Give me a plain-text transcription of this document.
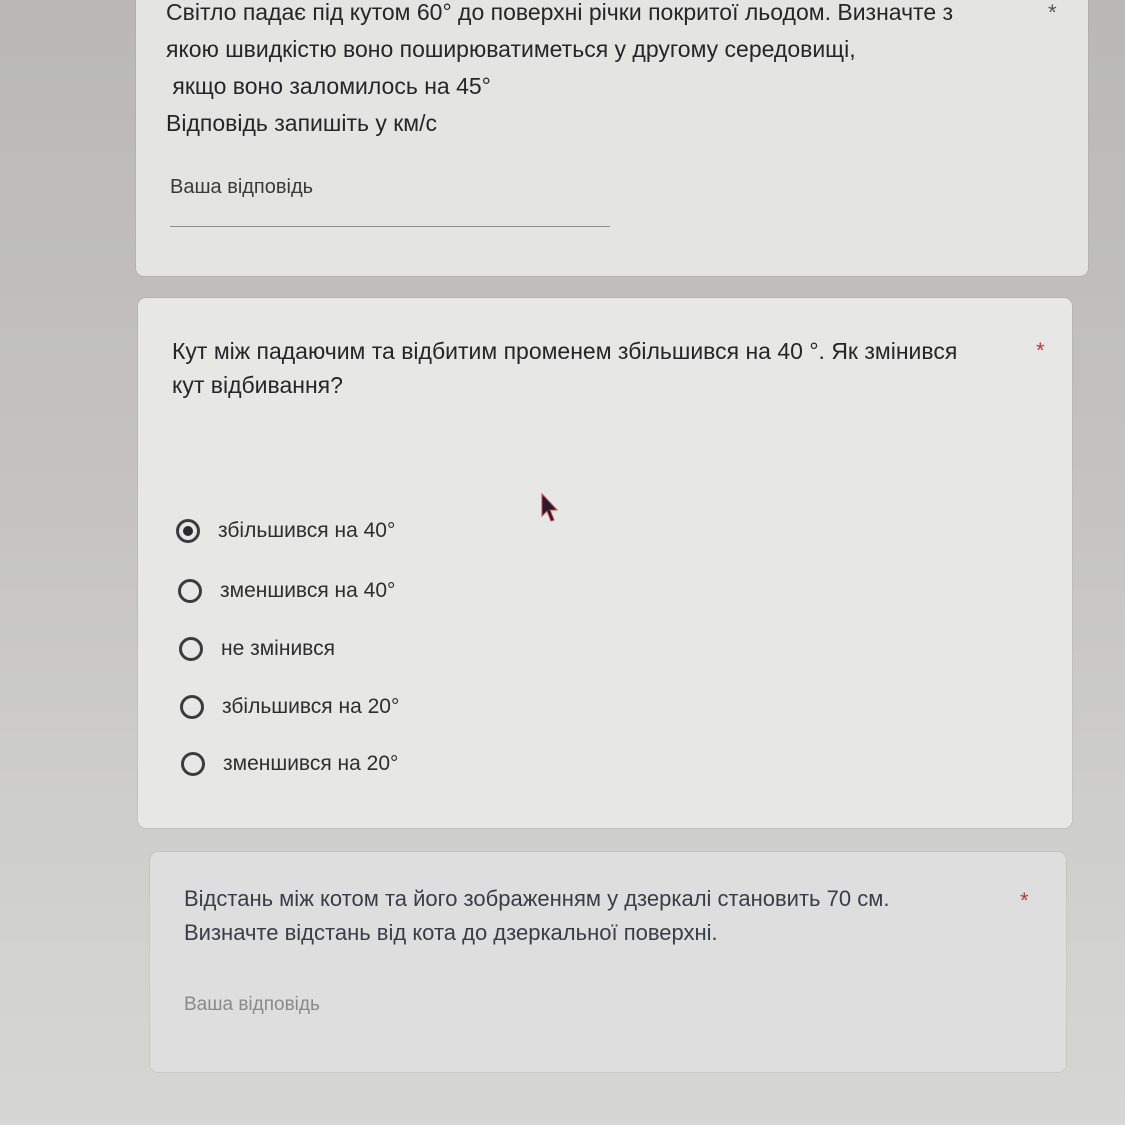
Світло падає під кутом 60° до поверхні річки покритої льодом. Визначте з
якою швидкістю воно поширюватиметься у другому середовищі,
якщо воно заломилось на 45°
Відповідь запишіть у км/с
*
Ваша відповідь
Кут між падаючим та відбитим променем збільшився на 40 °. Як змінився
кут відбивання?
*
збільшився на 40°
зменшився на 40°
не змінився
збільшився на 20°
зменшився на 20°
Відстань між котом та його зображенням у дзеркалі становить 70 см.
Визначте відстань від кота до дзеркальної поверхні.
*
Ваша відповідь
